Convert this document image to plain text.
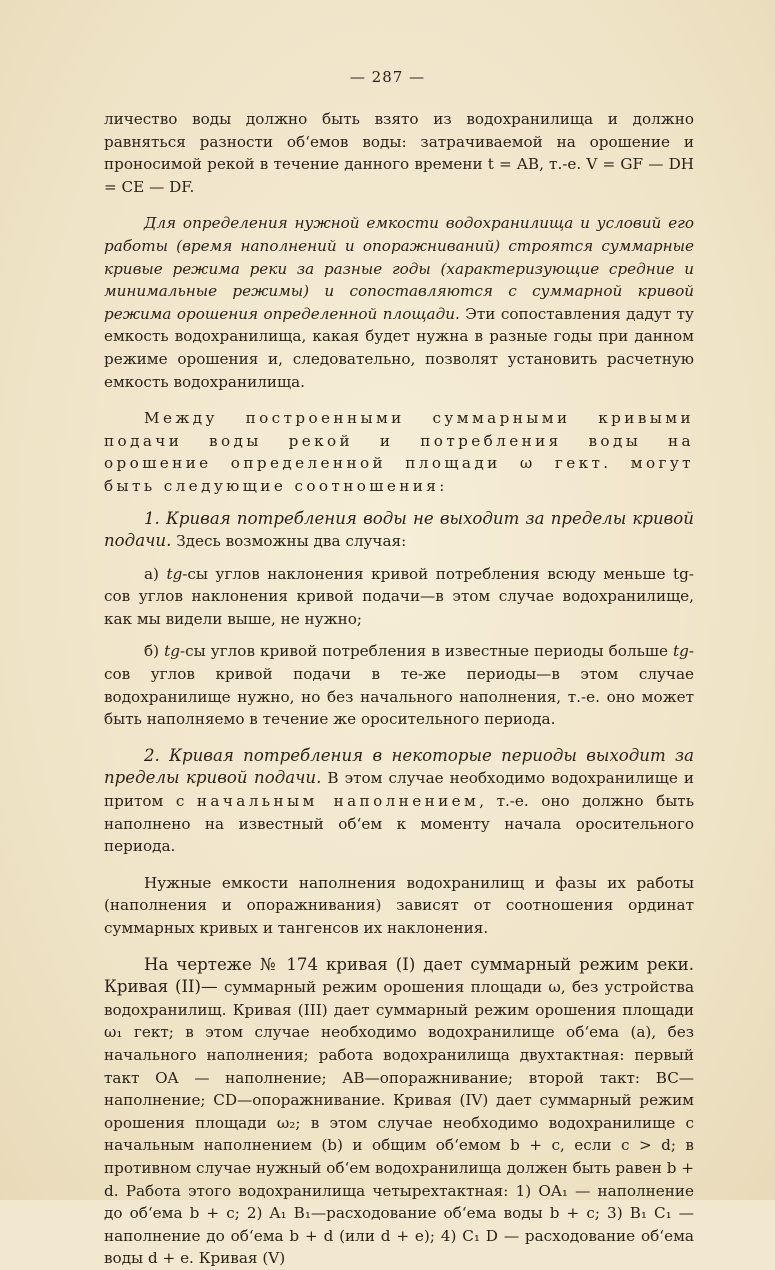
— 287 —

личество воды должно быть взято из водохранилища и должно равняться разности об‘емов воды: затрачиваемой на орошение и проносимой рекой в течение данного времени t = AB, т.-е. V = GF — DH = CE — DF.

Для определения нужной емкости водохранилища и условий его работы (время наполнений и опоражниваний) строятся суммарные кривые режима реки за разные годы (характеризующие средние и минимальные режимы) и сопоставляются с суммарной кривой режима орошения определенной площади. Эти сопоставления дадут ту емкость водохранилища, какая будет нужна в разные годы при данном режиме орошения и, следовательно, позволят установить расчетную емкость водохранилища.

Между построенными суммарными кривыми подачи воды рекой и потребления воды на орошение определенной площади ω гект. могут быть следующие соотношения:

1. Кривая потребления воды не выходит за пределы кривой подачи. Здесь возможны два случая:

a) tg-сы углов наклонения кривой потребления всюду меньше tg-сов углов наклонения кривой подачи—в этом случае водохранилище, как мы видели выше, не нужно;

б) tg-сы углов кривой потребления в известные периоды больше tg-сов углов кривой подачи в те-же периоды—в этом случае водохранилище нужно, но без начального наполнения, т.-е. оно может быть наполняемо в течение же оросительного периода.

2. Кривая потребления в некоторые периоды выходит за пределы кривой подачи. В этом случае необходимо водохранилище и притом с начальным наполнением, т.-е. оно должно быть наполнено на известный об‘ем к моменту начала оросительного периода.

Нужные емкости наполнения водохранилищ и фазы их работы (наполнения и опоражнивания) зависят от соотношения ординат суммарных кривых и тангенсов их наклонения.

На чертеже № 174 кривая (I) дает суммарный режим реки. Кривая (II)— суммарный режим орошения площади ω, без устройства водохранилищ. Кривая (III) дает суммарный режим орошения площади ω₁ гект; в этом случае необходимо водохранилище об‘ема (a), без начального наполнения; работа водохранилища двухтактная: первый такт OA — наполнение; AB—опоражнивание; второй такт: BC—наполнение; CD—опоражнивание. Кривая (IV) дает суммарный режим орошения площади ω₂; в этом случае необходимо водохранилище с начальным наполнением (b) и общим об‘емом b + c, если c > d; в противном случае нужный об‘ем водохранилища должен быть равен b + d. Работа этого водохранилища четырехтактная: 1) OA₁ — наполнение до об‘ема b + c; 2) A₁ B₁—расходование об‘ема воды b + c; 3) B₁ C₁ — наполнение до об‘ема b + d (или d + e); 4) C₁ D — расходование об‘ема воды d + e. Кривая (V)
